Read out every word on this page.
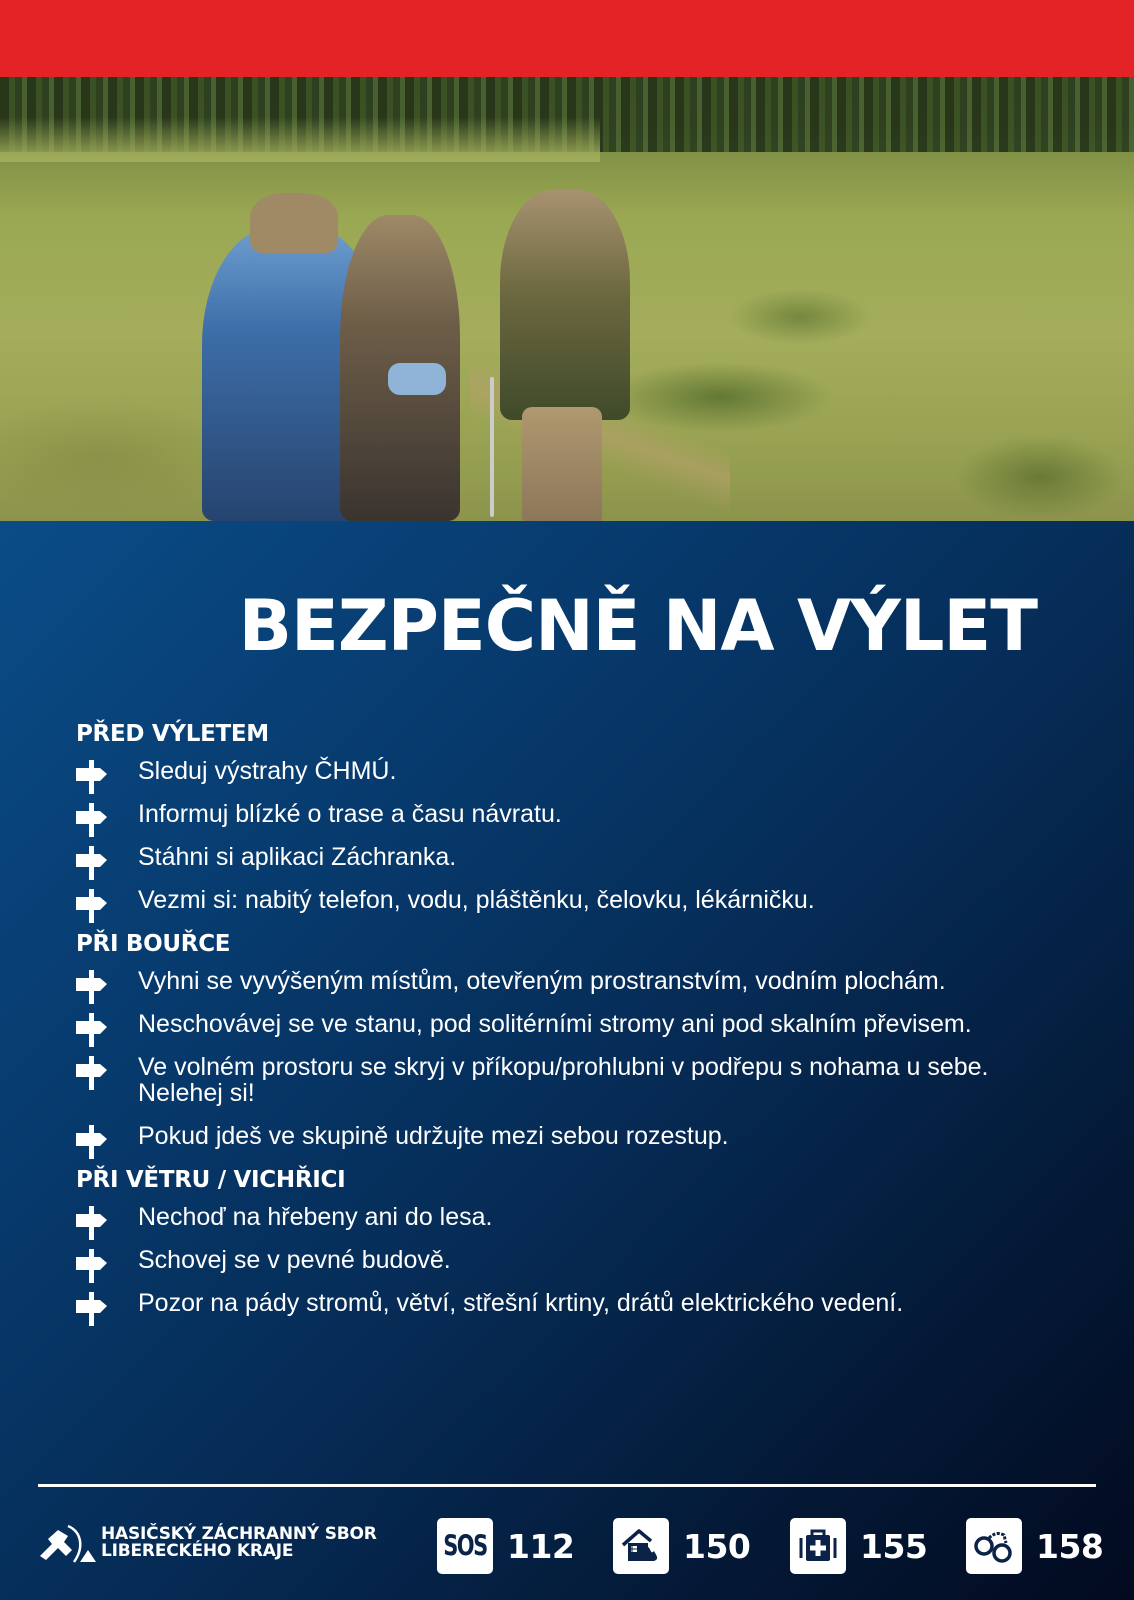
BEZPEČNĚ NA VÝLET
PŘED VÝLETEM
Sleduj výstrahy ČHMÚ.
Informuj blízké o trase a času návratu.
Stáhni si aplikaci Záchranka.
Vezmi si: nabitý telefon, vodu, pláštěnku, čelovku, lékárničku.
PŘI BOUŘCE
Vyhni se vyvýšeným místům, otevřeným prostranstvím, vodním plochám.
Neschovávej se ve stanu, pod solitérními stromy ani pod skalním převisem.
Ve volném prostoru se skryj v příkopu/prohlubni v podřepu s nohama u sebe. Nelehej si!
Pokud jdeš ve skupině udržujte mezi sebou rozestup.
PŘI VĚTRU / VICHŘICI
Nechoď na hřebeny ani do lesa.
Schovej se v pevné budově.
Pozor na pády stromů, větví, střešní krtiny, drátů elektrického vedení.
HASIČSKÝ ZÁCHRANNÝ SBOR
LIBERECKÉHO KRAJE	SOS 112	150	155	158
